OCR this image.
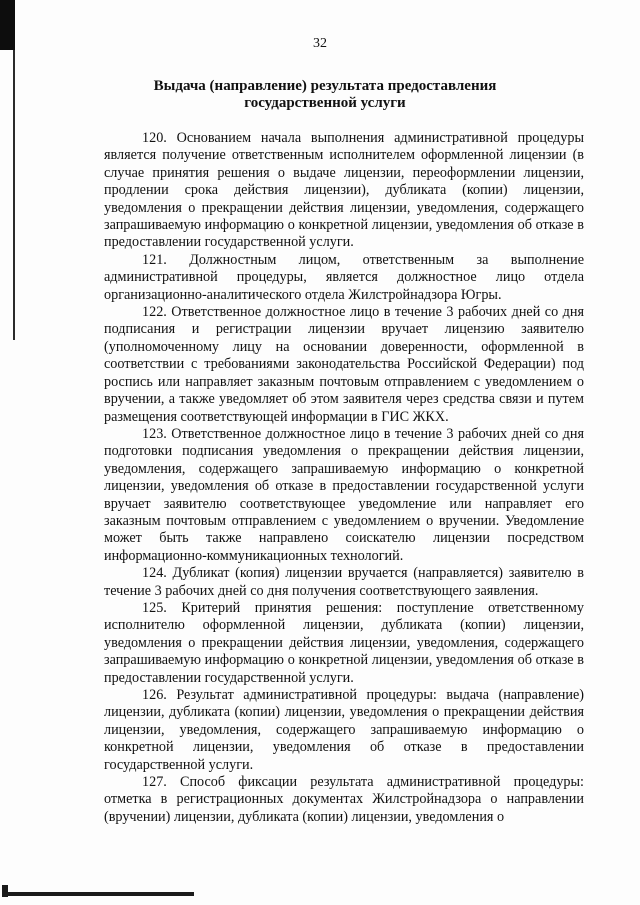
32
Выдача (направление) результата предоставления
государственной услуги

120. Основанием начала выполнения административной процедуры является получение ответственным исполнителем оформленной лицензии (в случае принятия решения о выдаче лицензии, переоформлении лицензии, продлении срока действия лицензии), дубликата (копии) лицензии, уведомления о прекращении действия лицензии, уведомления, содержащего запрашиваемую информацию о конкретной лицензии, уведомления об отказе в предоставлении государственной услуги.

121. Должностным лицом, ответственным за выполнение административной процедуры, является должностное лицо отдела организационно-аналитического отдела Жилстройнадзора Югры.

122. Ответственное должностное лицо в течение 3 рабочих дней со дня подписания и регистрации лицензии вручает лицензию заявителю (уполномоченному лицу на основании доверенности, оформленной в соответствии с требованиями законодательства Российской Федерации) под роспись или направляет заказным почтовым отправлением с уведомлением о вручении, а также уведомляет об этом заявителя через средства связи и путем размещения соответствующей информации в ГИС ЖКХ.

123. Ответственное должностное лицо в течение 3 рабочих дней со дня подготовки подписания уведомления о прекращении действия лицензии, уведомления, содержащего запрашиваемую информацию о конкретной лицензии, уведомления об отказе в предоставлении государственной услуги вручает заявителю соответствующее уведомление или направляет его заказным почтовым отправлением с уведомлением о вручении. Уведомление может быть также направлено соискателю лицензии посредством информационно-коммуникационных технологий.

124. Дубликат (копия) лицензии вручается (направляется) заявителю в течение 3 рабочих дней со дня получения соответствующего заявления.

125. Критерий принятия решения: поступление ответственному исполнителю оформленной лицензии, дубликата (копии) лицензии, уведомления о прекращении действия лицензии, уведомления, содержащего запрашиваемую информацию о конкретной лицензии, уведомления об отказе в предоставлении государственной услуги.

126. Результат административной процедуры: выдача (направление) лицензии, дубликата (копии) лицензии, уведомления о прекращении действия лицензии, уведомления, содержащего запрашиваемую информацию о конкретной лицензии, уведомления об отказе в предоставлении государственной услуги.

127. Способ фиксации результата административной процедуры: отметка в регистрационных документах Жилстройнадзора о направлении (вручении) лицензии, дубликата (копии) лицензии, уведомления о
